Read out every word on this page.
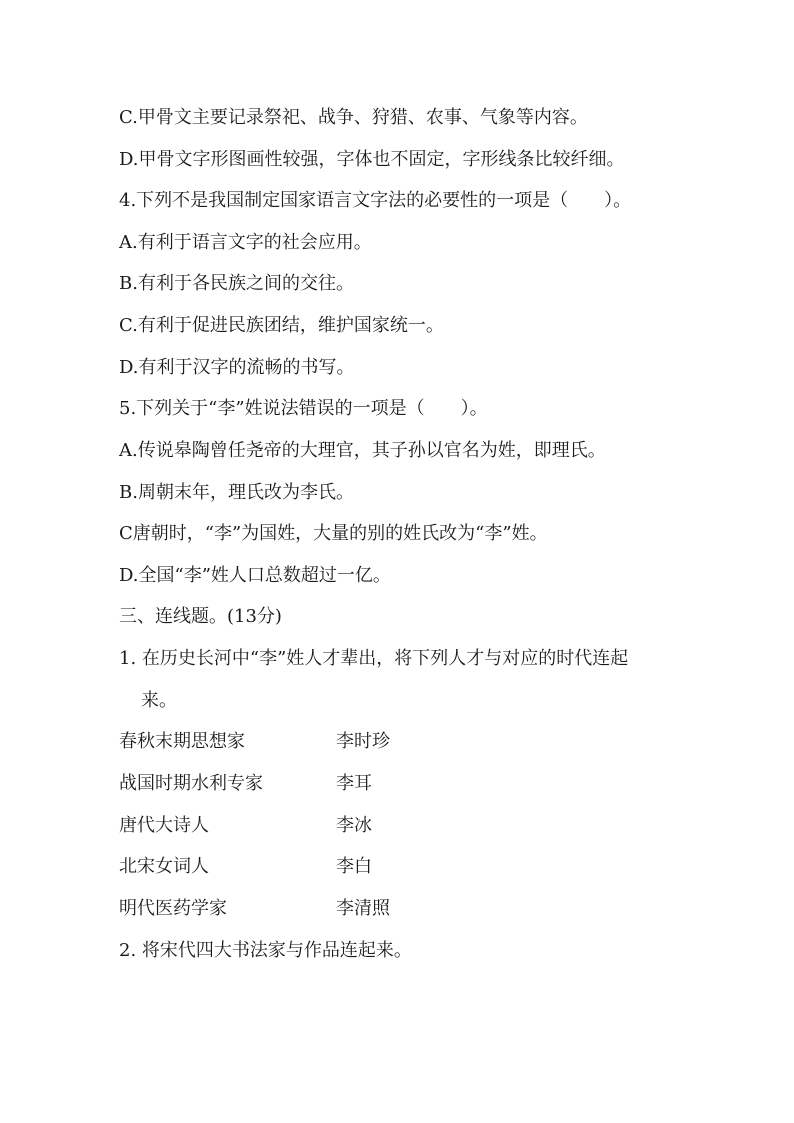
C.甲骨文主要记录祭祀、战争、狩猎、农事、气象等内容。
D.甲骨文字形图画性较强，字体也不固定，字形线条比较纤细。
4.下列不是我国制定国家语言文字法的必要性的一项是（　　）。
A.有利于语言文字的社会应用。
B.有利于各民族之间的交往。
C.有利于促进民族团结，维护国家统一。
D.有利于汉字的流畅的书写。
5.下列关于“李”姓说法错误的一项是（　　）。
A.传说皋陶曾任尧帝的大理官，其子孙以官名为姓，即理氏。
B.周朝末年，理氏改为李氏。
C唐朝时，“李”为国姓，大量的别的姓氏改为“李”姓。
D.全国“李”姓人口总数超过一亿。
三、连线题。(13分)
1. 在历史长河中“李”姓人才辈出，将下列人才与对应的时代连起
来。
春秋末期思想家	李时珍
战国时期水利专家	李耳
唐代大诗人	李冰
北宋女词人	李白
明代医药学家	李清照
2. 将宋代四大书法家与作品连起来。
